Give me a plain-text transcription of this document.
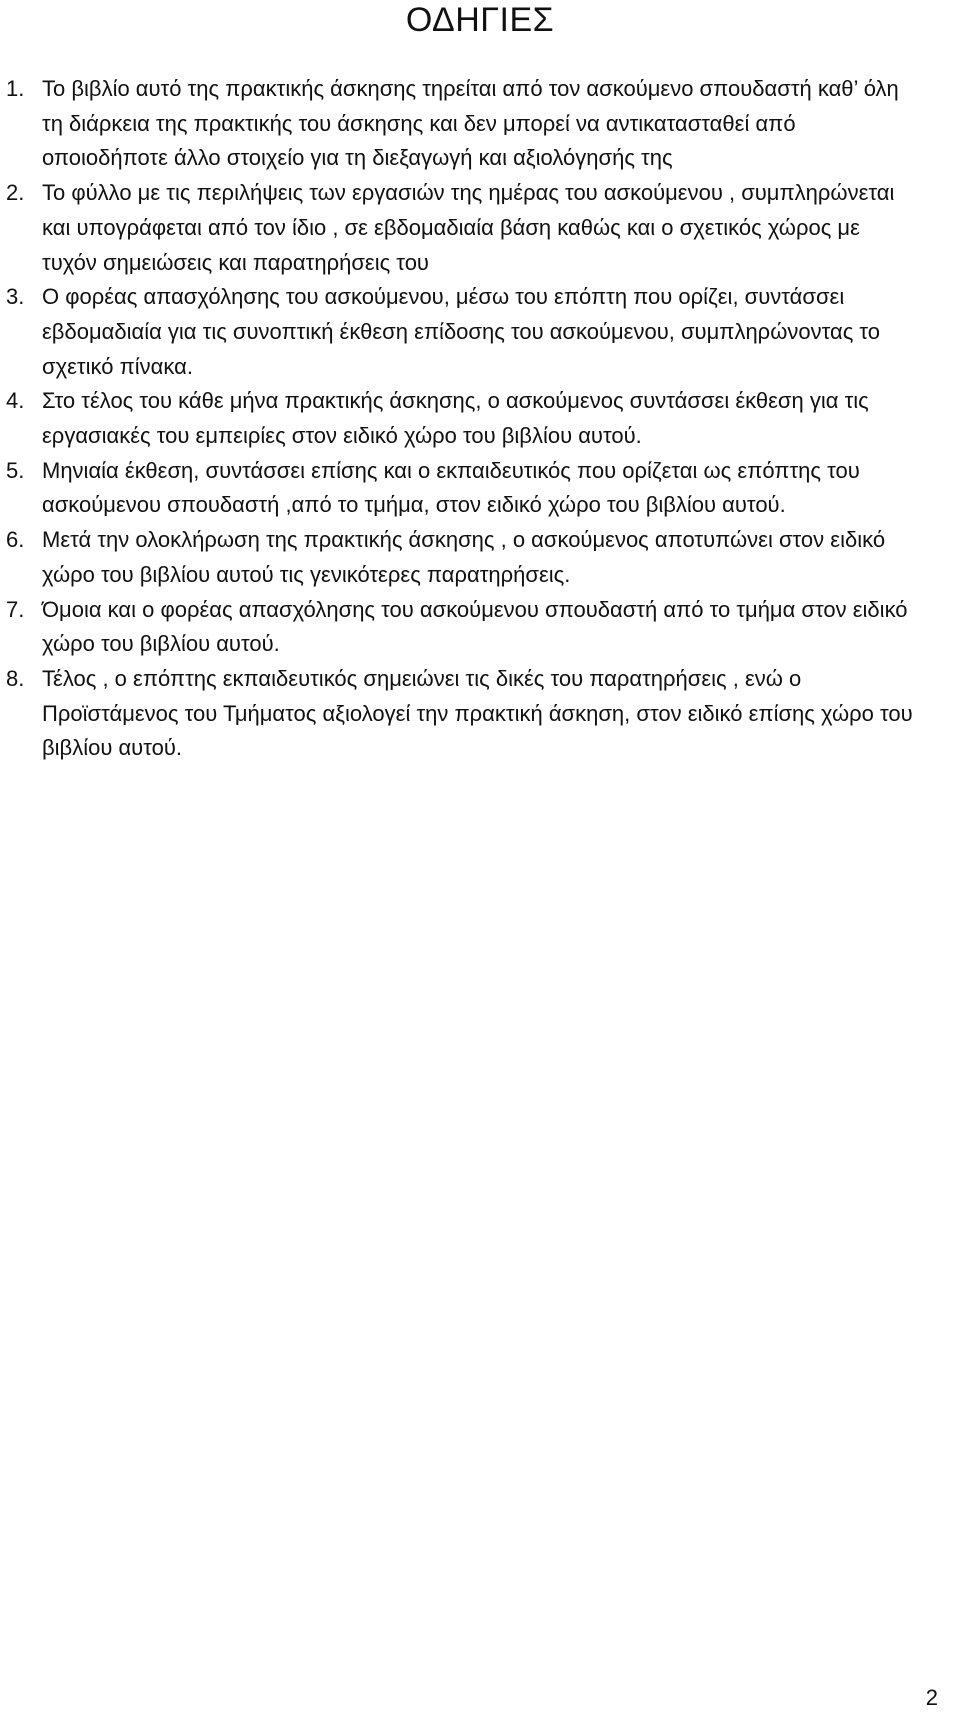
ΟΔΗΓΙΕΣ
1. Το βιβλίο αυτό της πρακτικής άσκησης τηρείται από τον ασκούμενο σπουδαστή καθ’ όλη τη διάρκεια της πρακτικής του άσκησης και δεν μπορεί να αντικατασταθεί από οποιοδήποτε άλλο στοιχείο για τη διεξαγωγή και αξιολόγησής της
2. Το φύλλο με τις περιλήψεις των εργασιών της ημέρας του ασκούμενου , συμπληρώνεται και υπογράφεται από τον ίδιο , σε εβδομαδιαία βάση καθώς και ο σχετικός χώρος με τυχόν σημειώσεις και παρατηρήσεις του
3. Ο φορέας απασχόλησης του ασκούμενου, μέσω του επόπτη που ορίζει, συντάσσει εβδομαδιαία για τις συνοπτική έκθεση επίδοσης του ασκούμενου, συμπληρώνοντας το σχετικό πίνακα.
4. Στο τέλος του κάθε μήνα πρακτικής άσκησης, ο ασκούμενος συντάσσει έκθεση για τις εργασιακές του εμπειρίες στον ειδικό χώρο του βιβλίου αυτού.
5. Μηνιαία έκθεση, συντάσσει επίσης και ο εκπαιδευτικός που ορίζεται ως επόπτης του ασκούμενου σπουδαστή ,από το τμήμα, στον ειδικό χώρο του βιβλίου αυτού.
6. Μετά την ολοκλήρωση της πρακτικής άσκησης , ο ασκούμενος αποτυπώνει στον ειδικό χώρο του βιβλίου αυτού τις γενικότερες παρατηρήσεις.
7. Όμοια και ο φορέας απασχόλησης του ασκούμενου σπουδαστή από το τμήμα στον ειδικό χώρο του βιβλίου αυτού.
8. Τέλος , ο επόπτης εκπαιδευτικός σημειώνει τις δικές του παρατηρήσεις , ενώ ο Προϊστάμενος του Τμήματος αξιολογεί την πρακτική άσκηση, στον ειδικό επίσης χώρο του βιβλίου αυτού.
2
